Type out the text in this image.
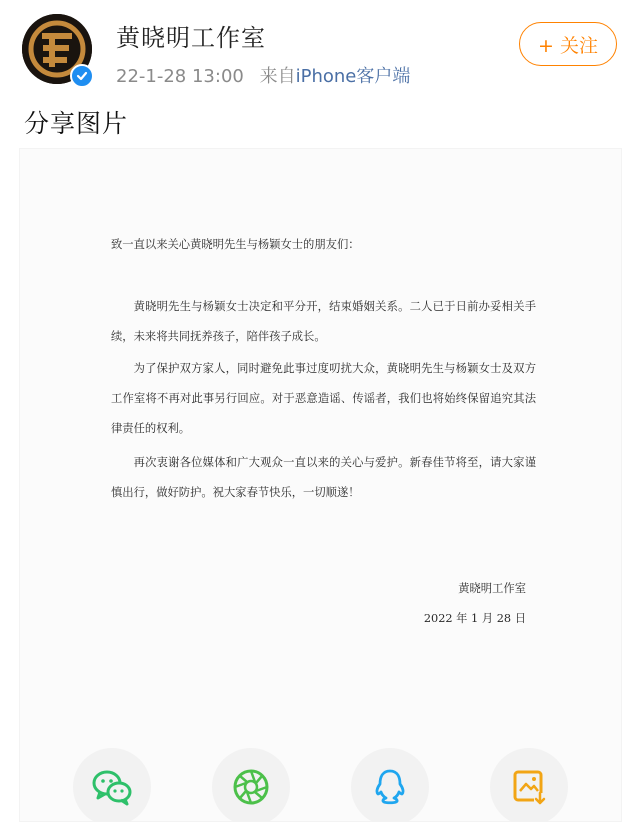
黄晓明工作室
22-1-28 13:00 来自iPhone客户端
+ 关注
分享图片
致一直以来关心黄晓明先生与杨颖女士的朋友们：

黄晓明先生与杨颖女士决定和平分开，结束婚姻关系。二人已于日前办妥相关手续，未来将共同抚养孩子，陪伴孩子成长。

为了保护双方家人，同时避免此事过度叨扰大众，黄晓明先生与杨颖女士及双方工作室将不再对此事另行回应。对于恶意造谣、传谣者，我们也将始终保留追究其法律责任的权利。

再次衷谢各位媒体和广大观众一直以来的关心与爱护。新春佳节将至，请大家谨慎出行，做好防护。祝大家春节快乐，一切顺遂！

黄晓明工作室
2022 年 1 月 28 日
